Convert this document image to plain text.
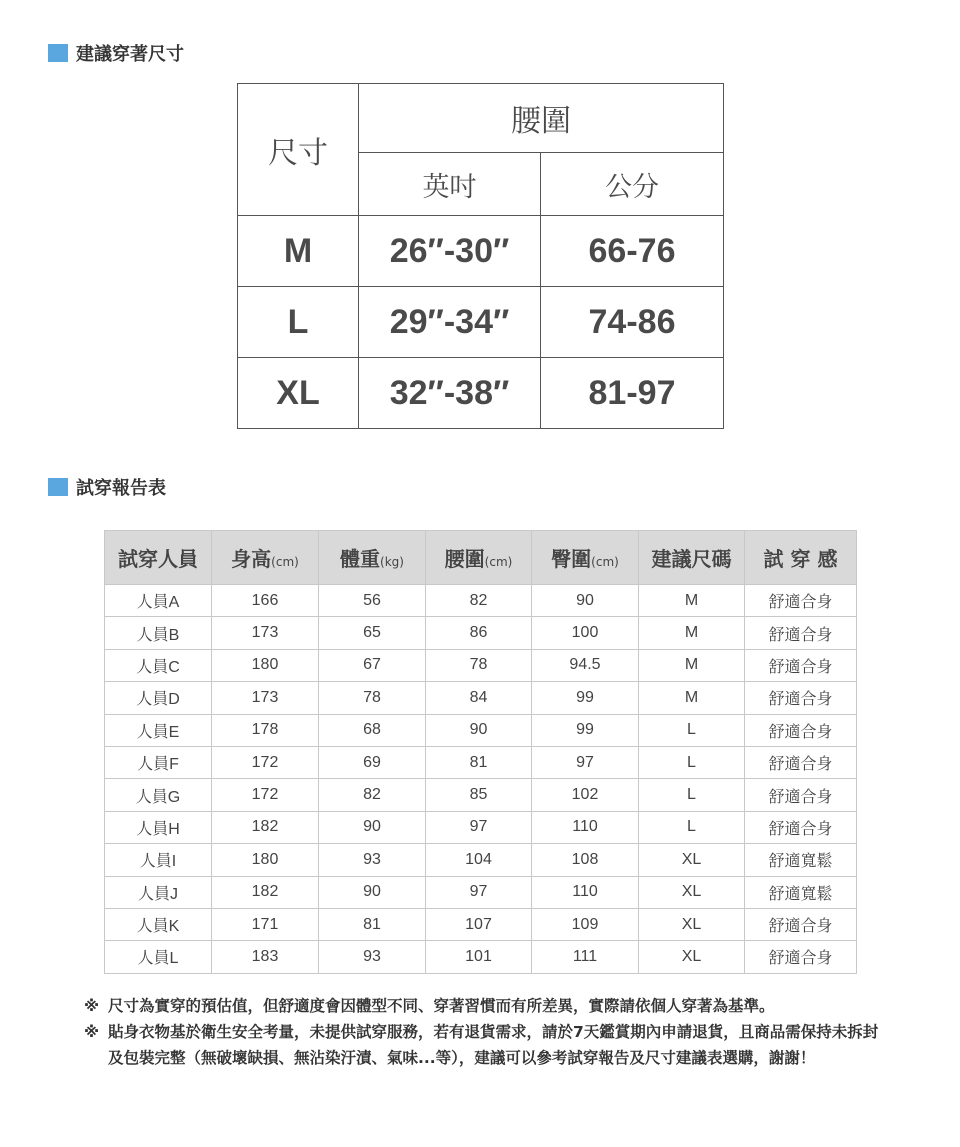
建議穿著尺寸
尺寸	腰圍	
	英吋	公分
M	26″-30″	66-76
L	29″-34″	74-86
XL	32″-38″	81-97
試穿報告表
試穿人員	身高(cm)	體重(kg)	腰圍(cm)	臀圍(cm)	建議尺碼	試 穿 感
人員A	166	56	82	90	M	舒適合身
人員B	173	65	86	100	M	舒適合身
人員C	180	67	78	94.5	M	舒適合身
人員D	173	78	84	99	M	舒適合身
人員E	178	68	90	99	L	舒適合身
人員F	172	69	81	97	L	舒適合身
人員G	172	82	85	102	L	舒適合身
人員H	182	90	97	110	L	舒適合身
人員I	180	93	104	108	XL	舒適寬鬆
人員J	182	90	97	110	XL	舒適寬鬆
人員K	171	81	107	109	XL	舒適合身
人員L	183	93	101	111	XL	舒適合身
※ 尺寸為實穿的預估值，但舒適度會因體型不同、穿著習慣而有所差異，實際請依個人穿著為基準。
※ 貼身衣物基於衛生安全考量，未提供試穿服務，若有退貨需求，請於7天鑑賞期內申請退貨，且商品需保持未拆封及包裝完整（無破壞缺損、無沾染汙漬、氣味...等），建議可以參考試穿報告及尺寸建議表選購，謝謝！
